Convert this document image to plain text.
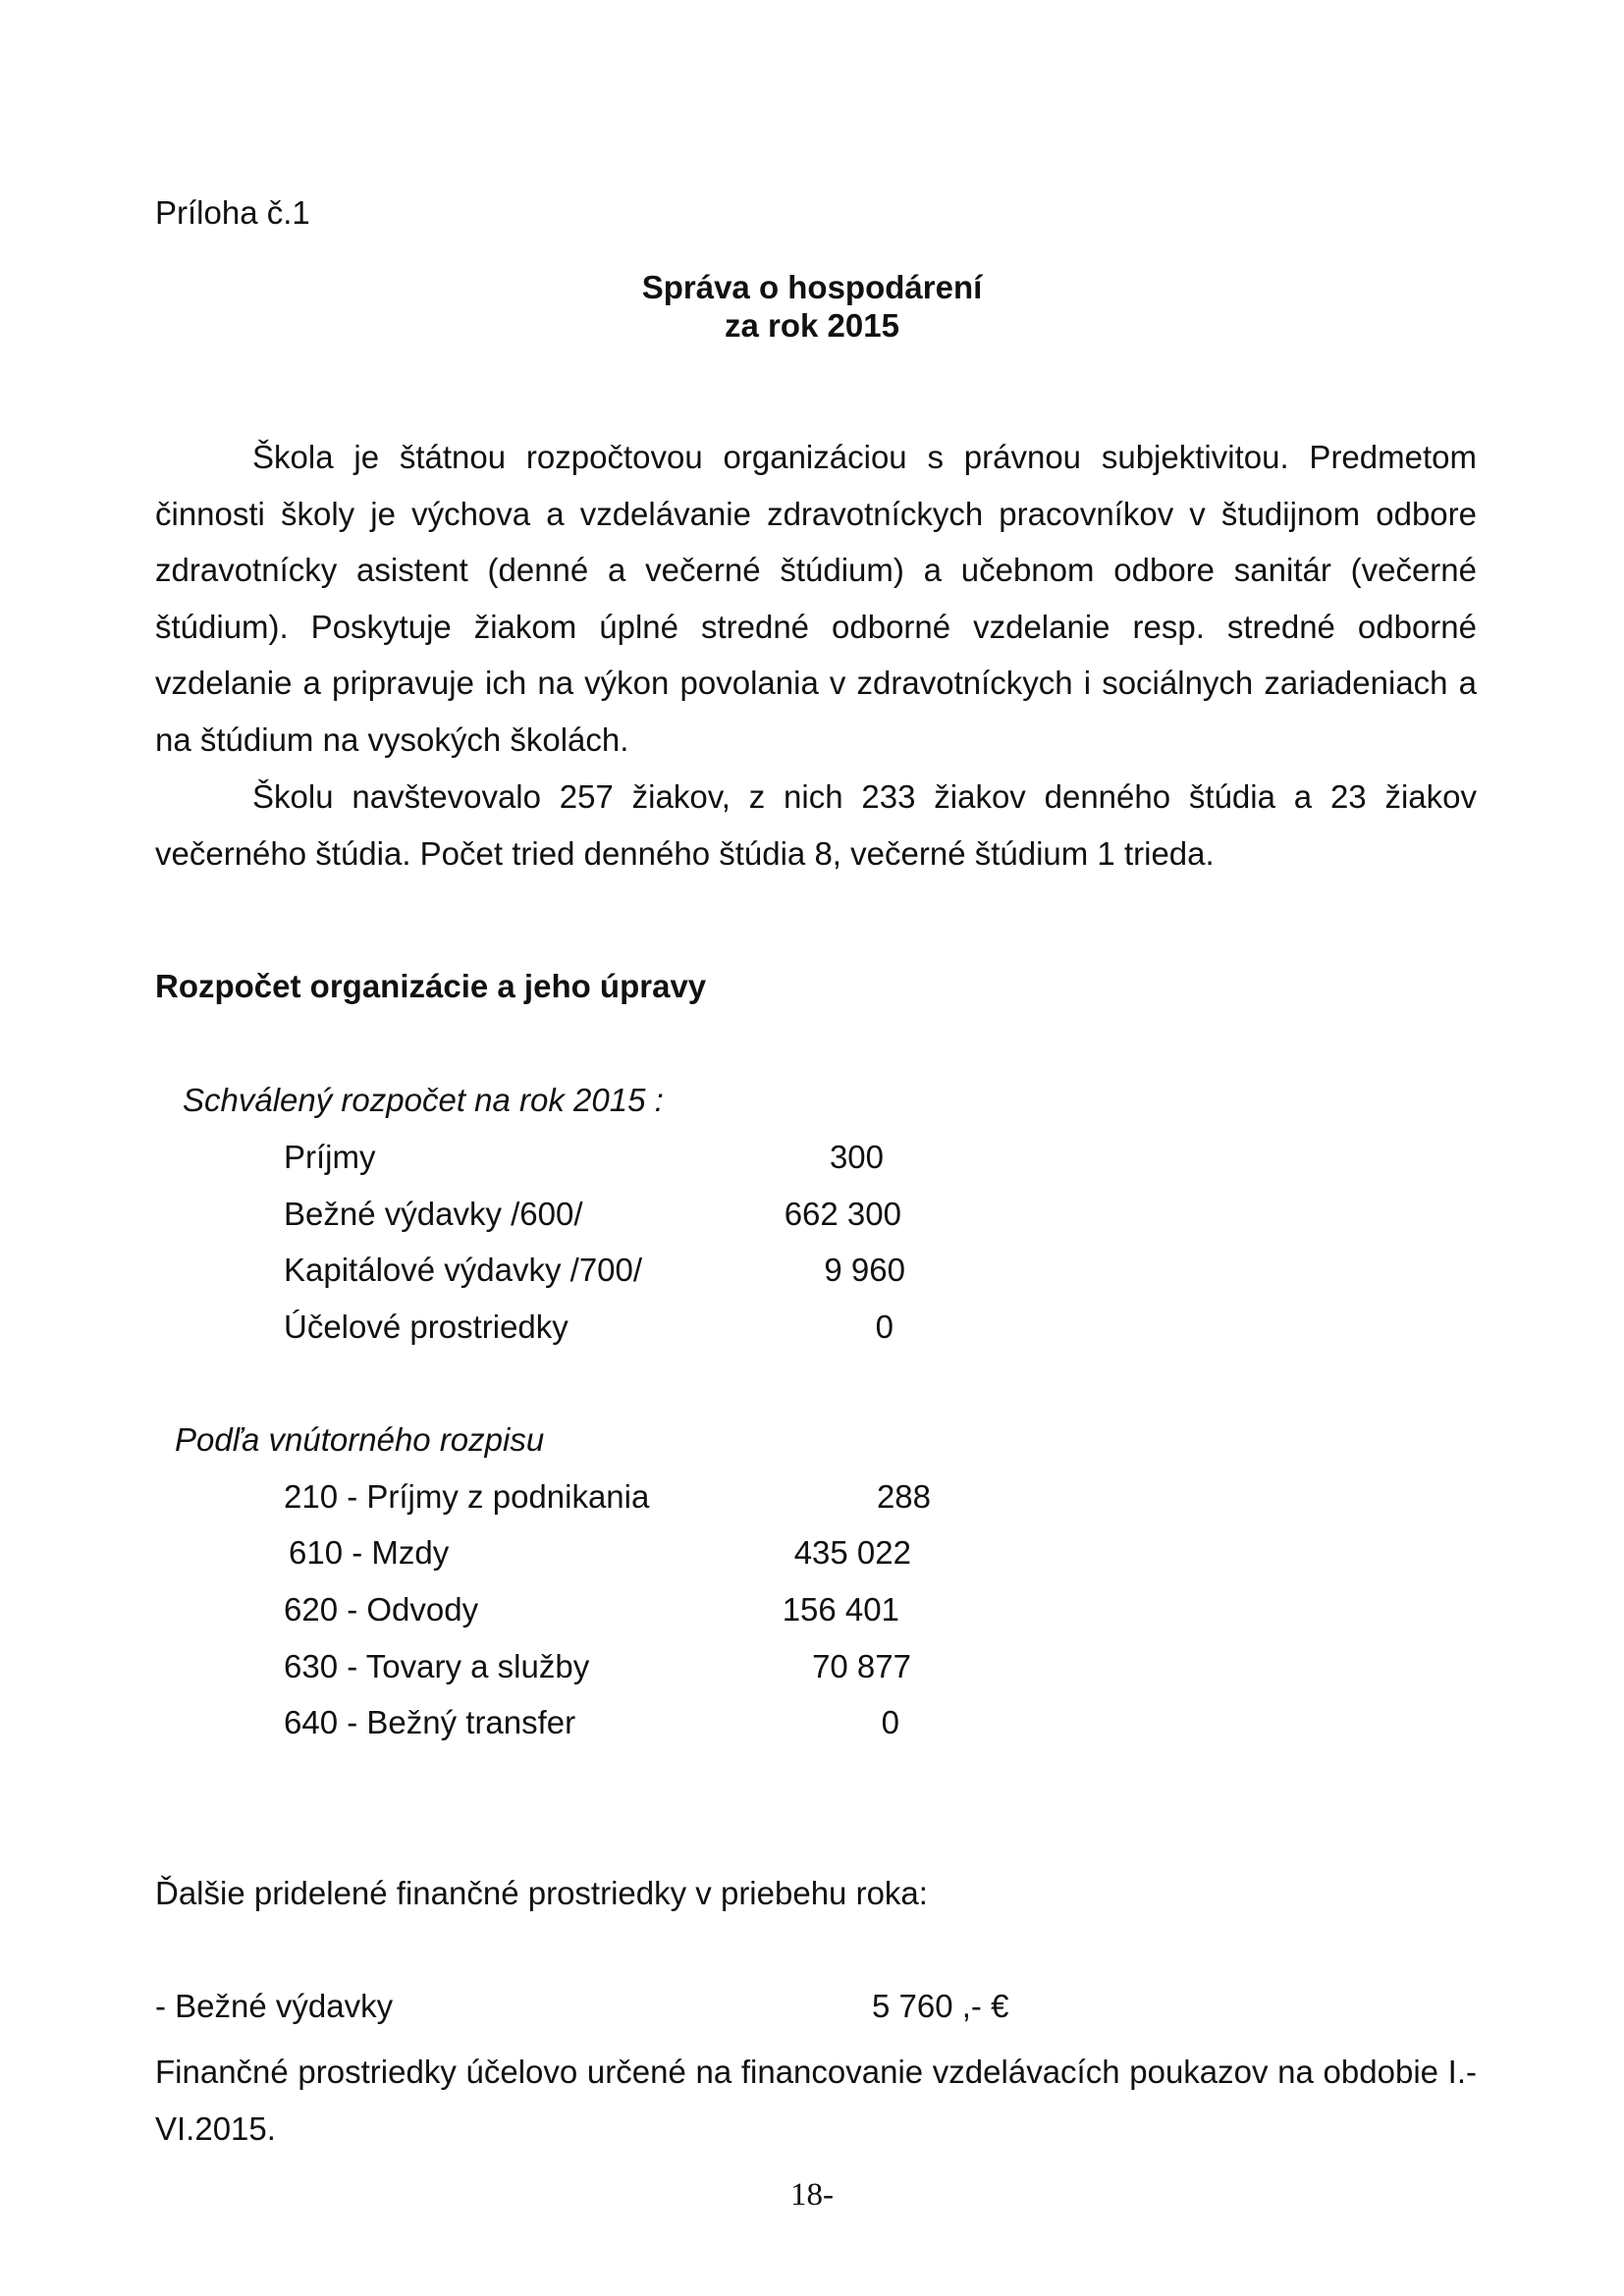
Príloha č.1
Správa o hospodárení
za rok 2015
Škola je štátnou rozpočtovou organizáciou s právnou subjektivitou. Predmetom činnosti školy je výchova a vzdelávanie zdravotníckych pracovníkov v študijnom odbore zdravotnícky asistent (denné a večerné štúdium) a učebnom odbore sanitár (večerné štúdium). Poskytuje žiakom úplné stredné odborné vzdelanie resp. stredné odborné vzdelanie a pripravuje ich na výkon povolania v zdravotníckych i sociálnych zariadeniach a na štúdium na vysokých školách.
Školu navštevovalo 257 žiakov, z nich 233 žiakov denného štúdia a 23 žiakov večerného štúdia. Počet tried denného štúdia 8, večerné štúdium 1 trieda.
Rozpočet organizácie a jeho úpravy
Schválený rozpočet na rok 2015 :
Príjmy	300
Bežné výdavky /600/	662 300
Kapitálové výdavky /700/	9 960
Účelové prostriedky	0
Podľa vnútorného rozpisu
210 - Príjmy z podnikania	288
610 - Mzdy	435 022
620 - Odvody	156 401
630 - Tovary a služby	70 877
640 - Bežný transfer	0
Ďalšie pridelené finančné prostriedky v priebehu roka:
- Bežné výdavky	5 760 ,- €
Finančné prostriedky účelovo určené na financovanie vzdelávacích poukazov na obdobie I.-VI.2015.
18-
